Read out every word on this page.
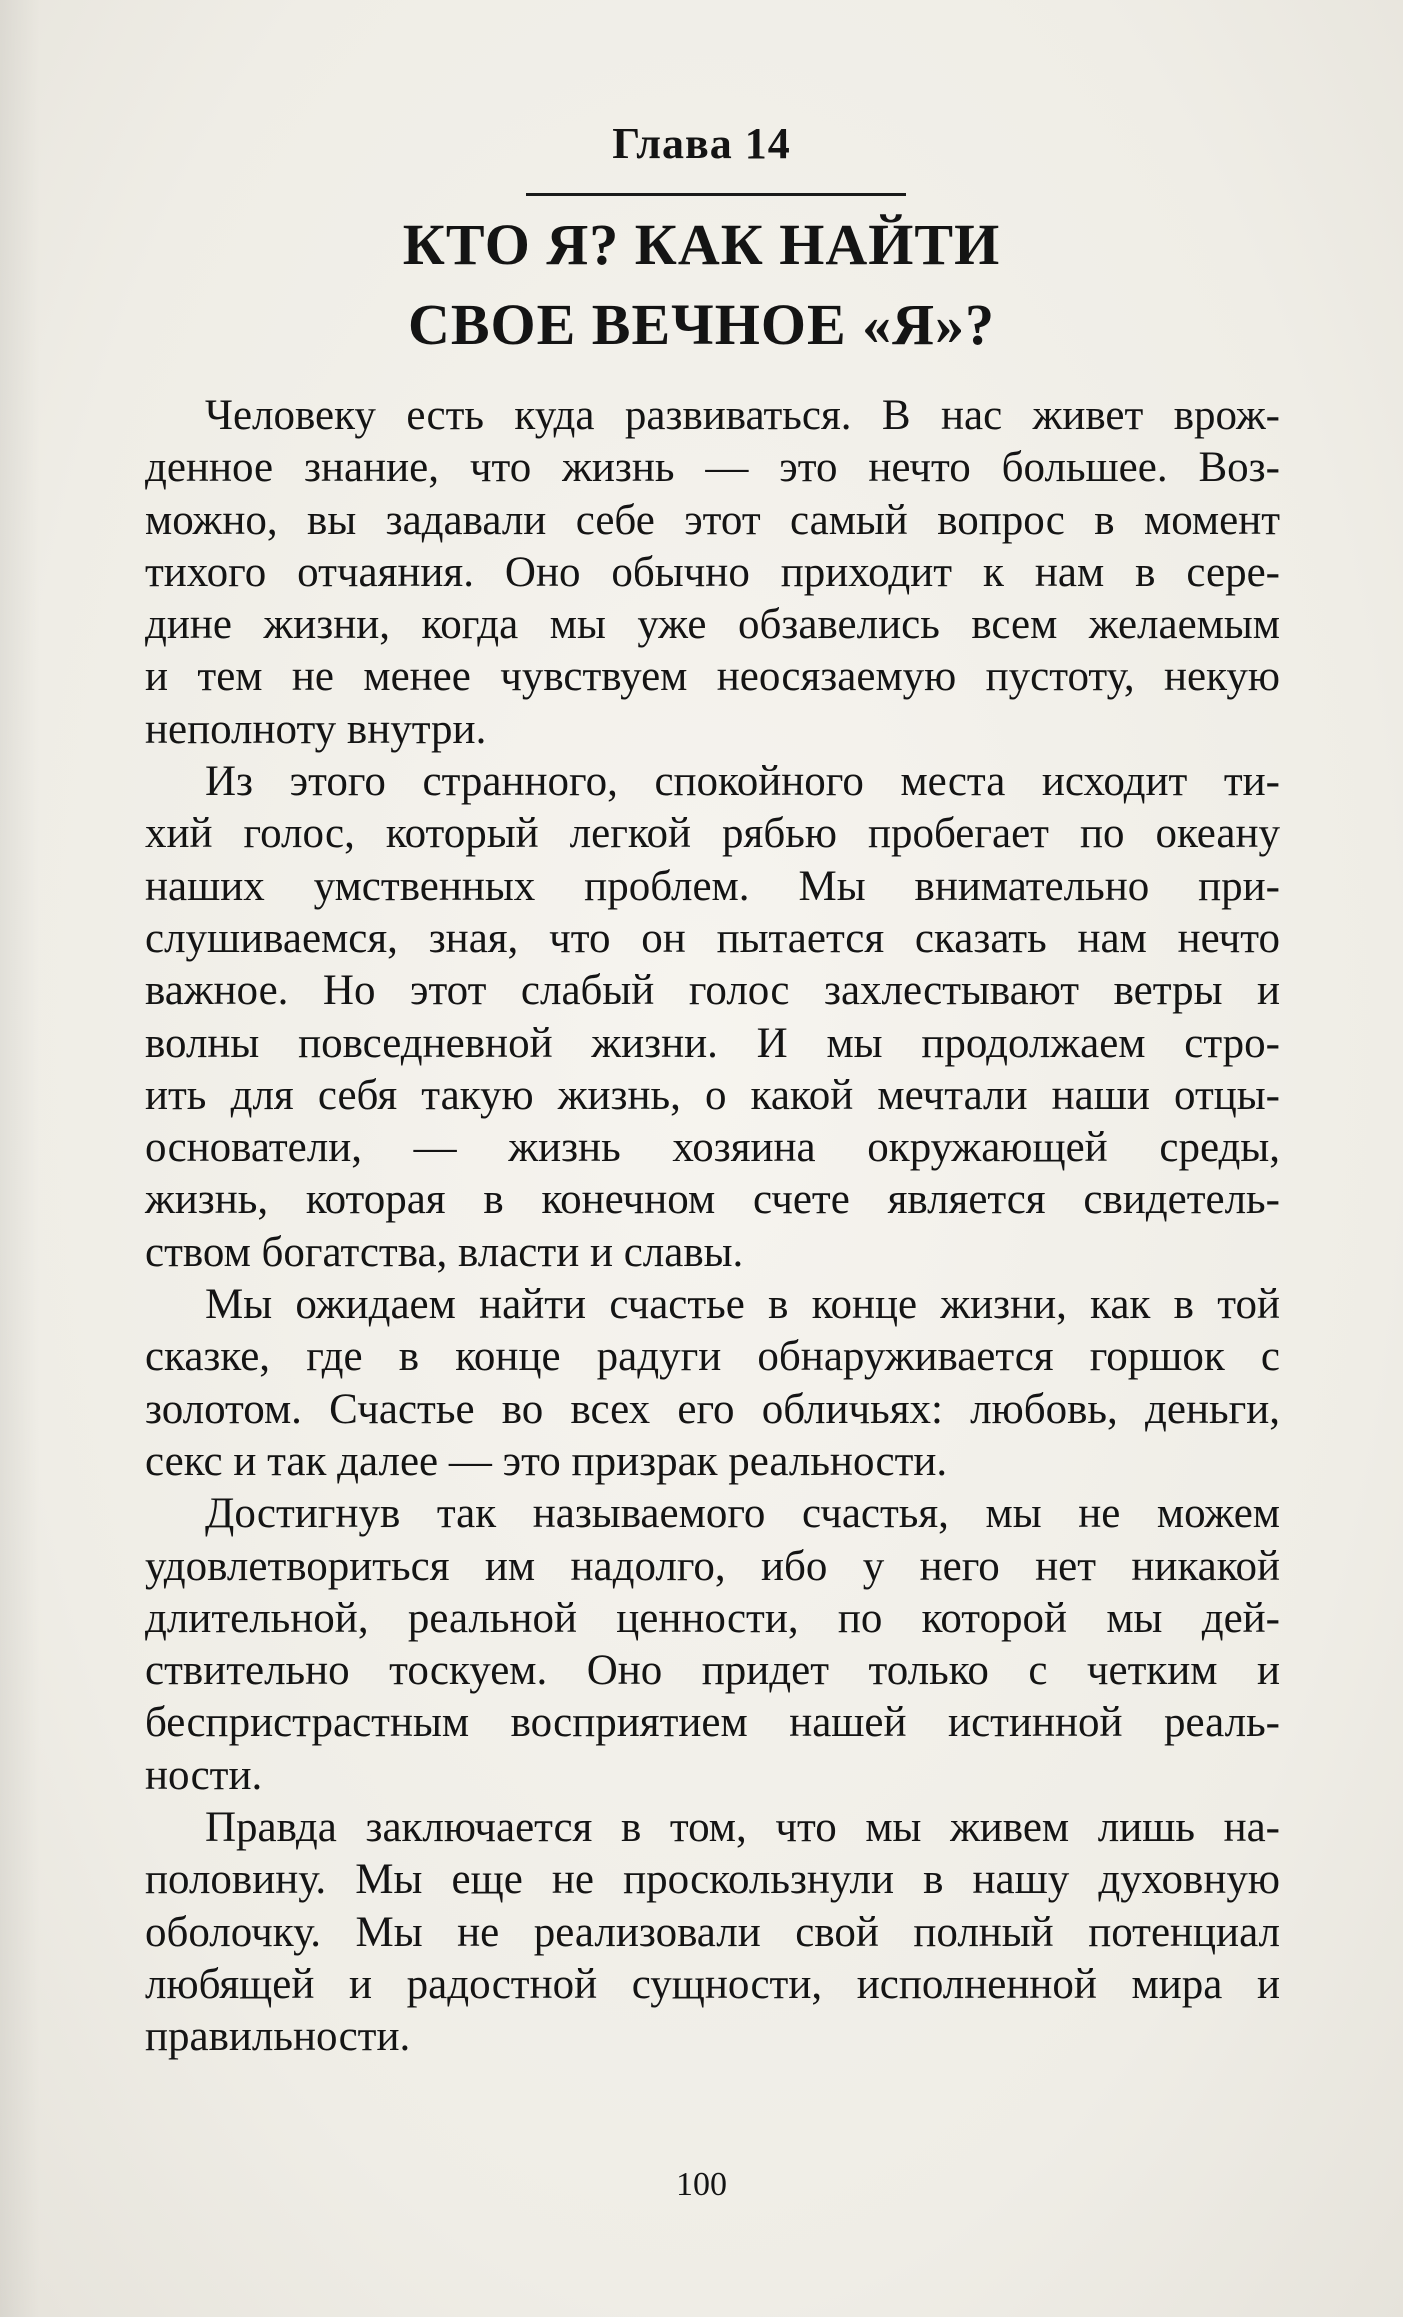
Глава 14
КТО Я? КАК НАЙТИ
СВОЕ ВЕЧНОЕ «Я»?
Человеку есть куда развиваться. В нас живет врож-
денное знание, что жизнь — это нечто большее. Воз-
можно, вы задавали себе этот самый вопрос в момент
тихого отчаяния. Оно обычно приходит к нам в сере-
дине жизни, когда мы уже обзавелись всем желаемым
и тем не менее чувствуем неосязаемую пустоту, некую
неполноту внутри.
Из этого странного, спокойного места исходит ти-
хий голос, который легкой рябью пробегает по океану
наших умственных проблем. Мы внимательно при-
слушиваемся, зная, что он пытается сказать нам нечто
важное. Но этот слабый голос захлестывают ветры и
волны повседневной жизни. И мы продолжаем стро-
ить для себя такую жизнь, о какой мечтали наши отцы-
основатели, — жизнь хозяина окружающей среды,
жизнь, которая в конечном счете является свидетель-
ством богатства, власти и славы.
Мы ожидаем найти счастье в конце жизни, как в той
сказке, где в конце радуги обнаруживается горшок с
золотом. Счастье во всех его обличьях: любовь, деньги,
секс и так далее — это призрак реальности.
Достигнув так называемого счастья, мы не можем
удовлетвориться им надолго, ибо у него нет никакой
длительной, реальной ценности, по которой мы дей-
ствительно тоскуем. Оно придет только с четким и
беспристрастным восприятием нашей истинной реаль-
ности.
Правда заключается в том, что мы живем лишь на-
половину. Мы еще не проскользнули в нашу духовную
оболочку. Мы не реализовали свой полный потенциал
любящей и радостной сущности, исполненной мира и
правильности.
100
